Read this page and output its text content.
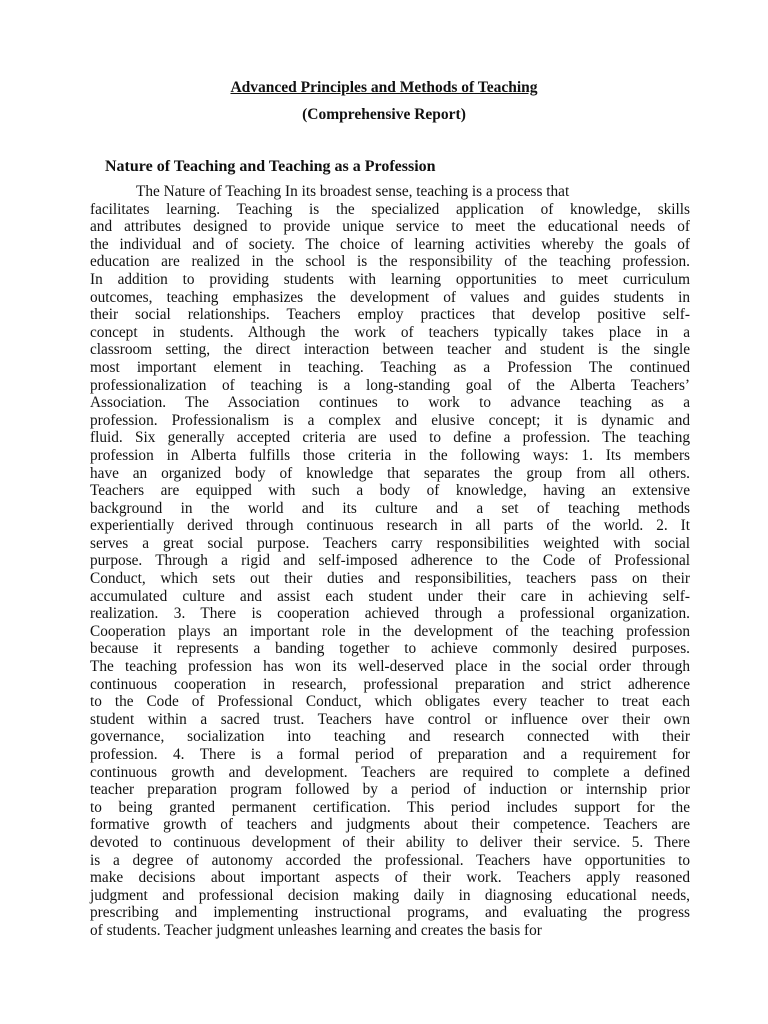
Advanced Principles and Methods of Teaching
(Comprehensive Report)
Nature of Teaching and Teaching as a Profession
The Nature of Teaching In its broadest sense, teaching is a process that
facilitates learning. Teaching is the specialized application of knowledge, skills
and attributes designed to provide unique service to meet the educational needs of
the individual and of society. The choice of learning activities whereby the goals of
education are realized in the school is the responsibility of the teaching profession.
In addition to providing students with learning opportunities to meet curriculum
outcomes, teaching emphasizes the development of values and guides students in
their social relationships. Teachers employ practices that develop positive self-
concept in students. Although the work of teachers typically takes place in a
classroom setting, the direct interaction between teacher and student is the single
most important element in teaching. Teaching as a Profession The continued
professionalization of teaching is a long-standing goal of the Alberta Teachers’
Association. The Association continues to work to advance teaching as a
profession. Professionalism is a complex and elusive concept; it is dynamic and
fluid. Six generally accepted criteria are used to define a profession. The teaching
profession in Alberta fulfills those criteria in the following ways: 1. Its members
have an organized body of knowledge that separates the group from all others.
Teachers are equipped with such a body of knowledge, having an extensive
background in the world and its culture and a set of teaching methods
experientially derived through continuous research in all parts of the world. 2. It
serves a great social purpose. Teachers carry responsibilities weighted with social
purpose. Through a rigid and self-imposed adherence to the Code of Professional
Conduct, which sets out their duties and responsibilities, teachers pass on their
accumulated culture and assist each student under their care in achieving self-
realization. 3. There is cooperation achieved through a professional organization.
Cooperation plays an important role in the development of the teaching profession
because it represents a banding together to achieve commonly desired purposes.
The teaching profession has won its well-deserved place in the social order through
continuous cooperation in research, professional preparation and strict adherence
to the Code of Professional Conduct, which obligates every teacher to treat each
student within a sacred trust. Teachers have control or influence over their own
governance, socialization into teaching and research connected with their
profession. 4. There is a formal period of preparation and a requirement for
continuous growth and development. Teachers are required to complete a defined
teacher preparation program followed by a period of induction or internship prior
to being granted permanent certification. This period includes support for the
formative growth of teachers and judgments about their competence. Teachers are
devoted to continuous development of their ability to deliver their service. 5. There
is a degree of autonomy accorded the professional. Teachers have opportunities to
make decisions about important aspects of their work. Teachers apply reasoned
judgment and professional decision making daily in diagnosing educational needs,
prescribing and implementing instructional programs, and evaluating the progress
of students. Teacher judgment unleashes learning and creates the basis for
